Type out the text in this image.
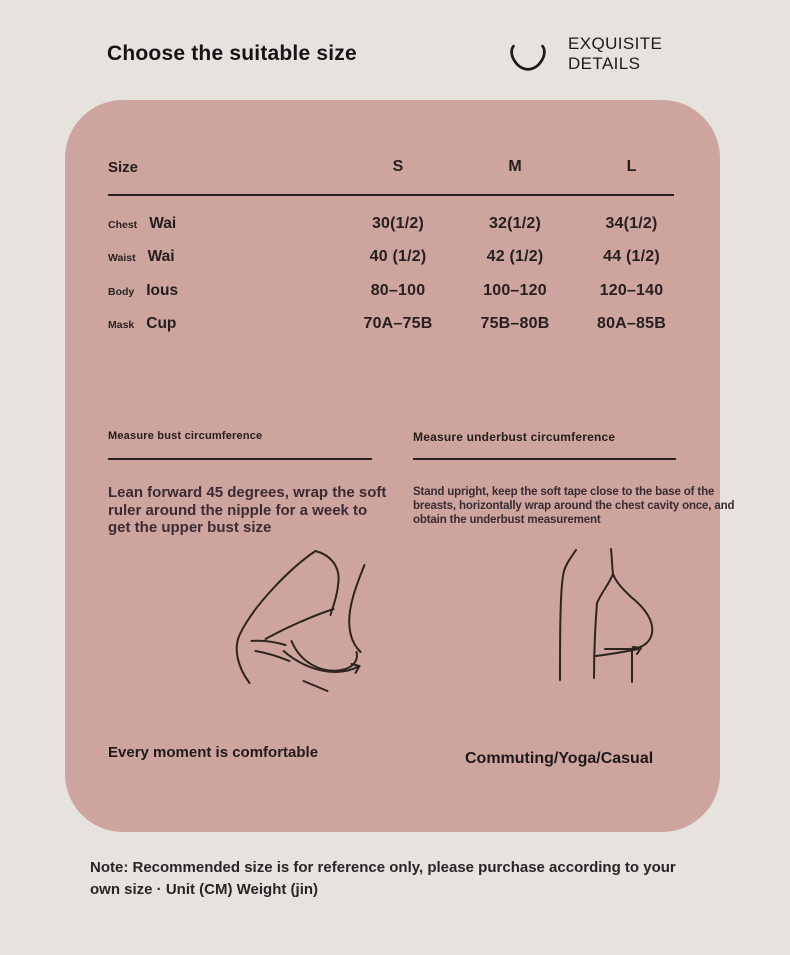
Choose the suitable size	EXQUISITE
DETAILS
Size	S	M	L
Chest Wai	30(1/2)	32(1/2)	34(1/2)
Waist Wai	40 (1/2)	42 (1/2)	44 (1/2)
Body Ious	80–100	100–120	120–140
Mask Cup	70A–75B	75B–80B	80A–85B
Measure bust circumference
Lean forward 45 degrees, wrap the soft ruler around the nipple for a week to get the upper bust size
Measure underbust circumference
Stand upright, keep the soft tape close to the base of the breasts, horizontally wrap around the chest cavity once, and obtain the underbust measurement
Every moment is comfortable	Commuting/Yoga/Casual
Note: Recommended size is for reference only, please purchase according to your own size · Unit (CM) Weight (jin)
